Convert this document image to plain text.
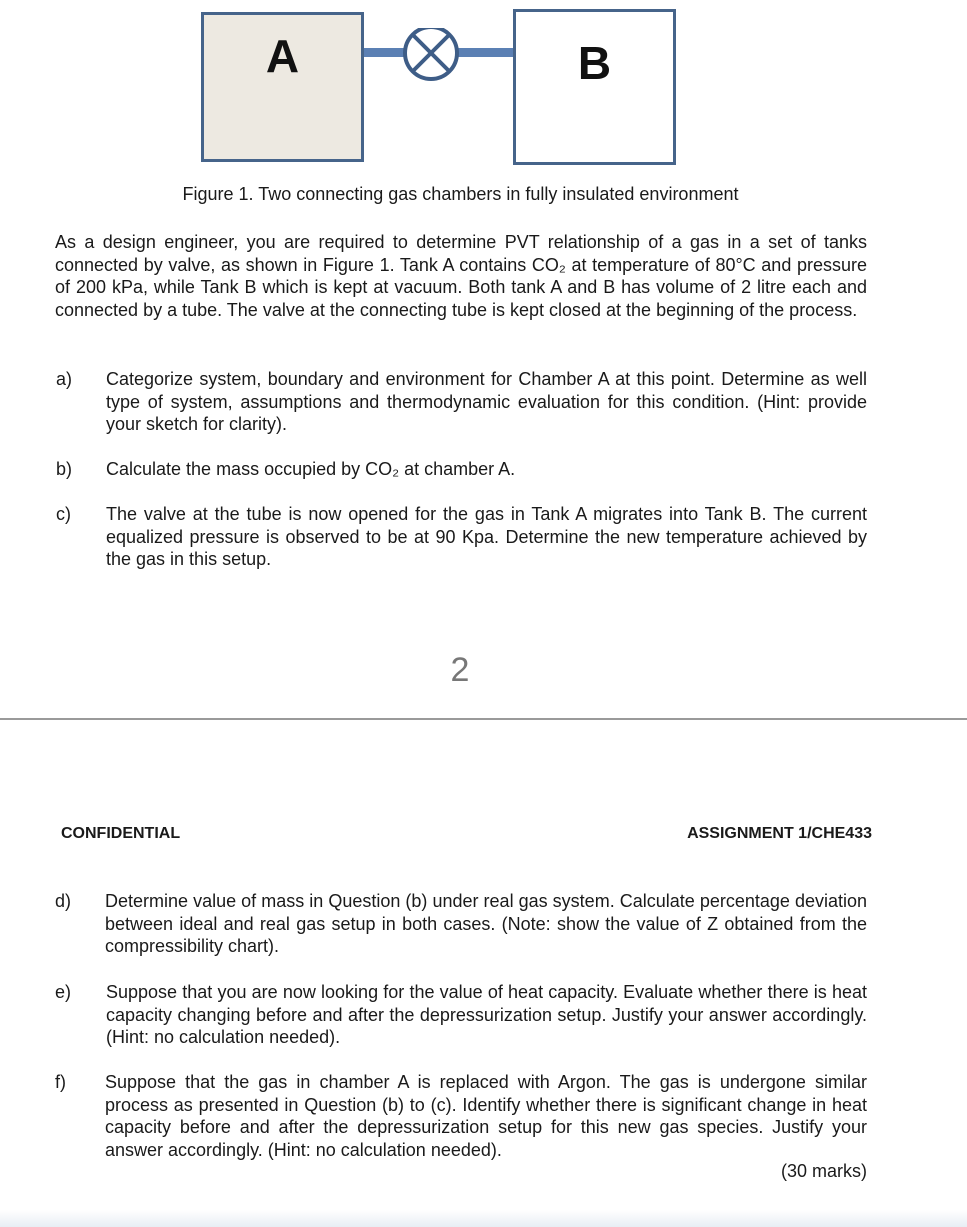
A	B
Figure 1. Two connecting gas chambers in fully insulated environment

As a design engineer, you are required to determine PVT relationship of a gas in a set of tanks connected by valve, as shown in Figure 1. Tank A contains CO₂ at temperature of 80°C and pressure of 200 kPa, while Tank B which is kept at vacuum. Both tank A and B has volume of 2 litre each and connected by a tube. The valve at the connecting tube is kept closed at the beginning of the process.

a) Categorize system, boundary and environment for Chamber A at this point. Determine as well type of system, assumptions and thermodynamic evaluation for this condition. (Hint: provide your sketch for clarity).
b) Calculate the mass occupied by CO₂ at chamber A.
c) The valve at the tube is now opened for the gas in Tank A migrates into Tank B. The current equalized pressure is observed to be at 90 Kpa. Determine the new temperature achieved by the gas in this setup.
2
CONFIDENTIAL	ASSIGNMENT 1/CHE433
d) Determine value of mass in Question (b) under real gas system. Calculate percentage deviation between ideal and real gas setup in both cases. (Note: show the value of Z obtained from the compressibility chart).
e) Suppose that you are now looking for the value of heat capacity. Evaluate whether there is heat capacity changing before and after the depressurization setup. Justify your answer accordingly. (Hint: no calculation needed).
f) Suppose that the gas in chamber A is replaced with Argon. The gas is undergone similar process as presented in Question (b) to (c). Identify whether there is significant change in heat capacity before and after the depressurization setup for this new gas species. Justify your answer accordingly. (Hint: no calculation needed).
(30 marks)
